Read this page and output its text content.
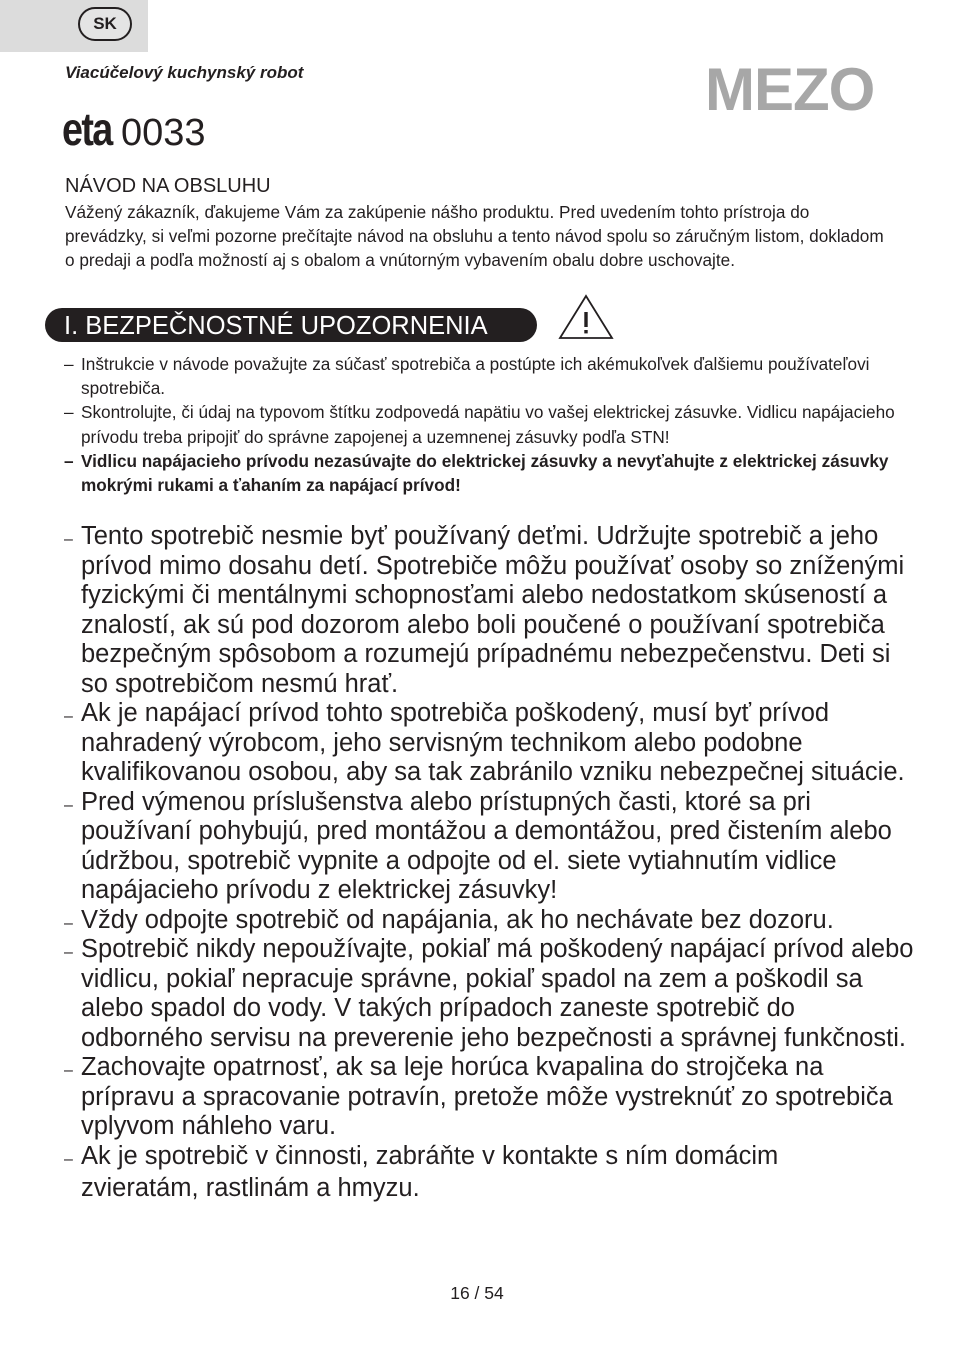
SK
Viacúčelový kuchynský robot	MEZO
eta 0033
NÁVOD NA OBSLUHU
Vážený zákazník, ďakujeme Vám za zakúpenie nášho produktu. Pred uvedením tohto prístroja do prevádzky, si veľmi pozorne prečítajte návod na obsluhu a tento návod spolu so záručným listom, dokladom o predaji a podľa možností aj s obalom a vnútorným vybavením obalu dobre uschovajte.
I. BEZPEČNOSTNÉ UPOZORNENIA
– Inštrukcie v návode považujte za súčasť spotrebiča a postúpte ich akémukoľvek ďalšiemu používateľovi spotrebiča.
– Skontrolujte, či údaj na typovom štítku zodpovedá napätiu vo vašej elektrickej zásuvke. Vidlicu napájacieho prívodu treba pripojiť do správne zapojenej a uzemnenej zásuvky podľa STN!
– Vidlicu napájacieho prívodu nezasúvajte do elektrickej zásuvky a nevyťahujte z elektrickej zásuvky mokrými rukami a ťahaním za napájací prívod!
– Tento spotrebič nesmie byť používaný deťmi. Udržujte spotrebič a jeho prívod mimo dosahu detí. Spotrebiče môžu používať osoby so zníženými fyzickými či mentálnymi schopnosťami alebo nedostatkom skúseností a znalostí, ak sú pod dozorom alebo boli poučené o používaní spotrebiča bezpečným spôsobom a rozumejú prípadnému nebezpečenstvu. Deti si so spotrebičom nesmú hrať.
– Ak je napájací prívod tohto spotrebiča poškodený, musí byť prívod nahradený výrobcom, jeho servisným technikom alebo podobne kvalifikovanou osobou, aby sa tak zabránilo vzniku nebezpečnej situácie.
– Pred výmenou príslušenstva alebo prístupných časti, ktoré sa pri používaní pohybujú, pred montážou a demontážou, pred čistením alebo údržbou, spotrebič vypnite a odpojte od el. siete vytiahnutím vidlice napájacieho prívodu z elektrickej zásuvky!
– Vždy odpojte spotrebič od napájania, ak ho nechávate bez dozoru.
– Spotrebič nikdy nepoužívajte, pokiaľ má poškodený napájací prívod alebo vidlicu, pokiaľ nepracuje správne, pokiaľ spadol na zem a poškodil sa alebo spadol do vody. V takých prípadoch zaneste spotrebič do odborného servisu na preverenie jeho bezpečnosti a správnej funkčnosti.
– Zachovajte opatrnosť, ak sa leje horúca kvapalina do strojčeka na prípravu a spracovanie potravín, pretože môže vystreknúť zo spotrebiča vplyvom náhleho varu.
– Ak je spotrebič v činnosti, zabráňte v kontakte s ním domácim
zvieratám, rastlinám a hmyzu.
16 / 54
